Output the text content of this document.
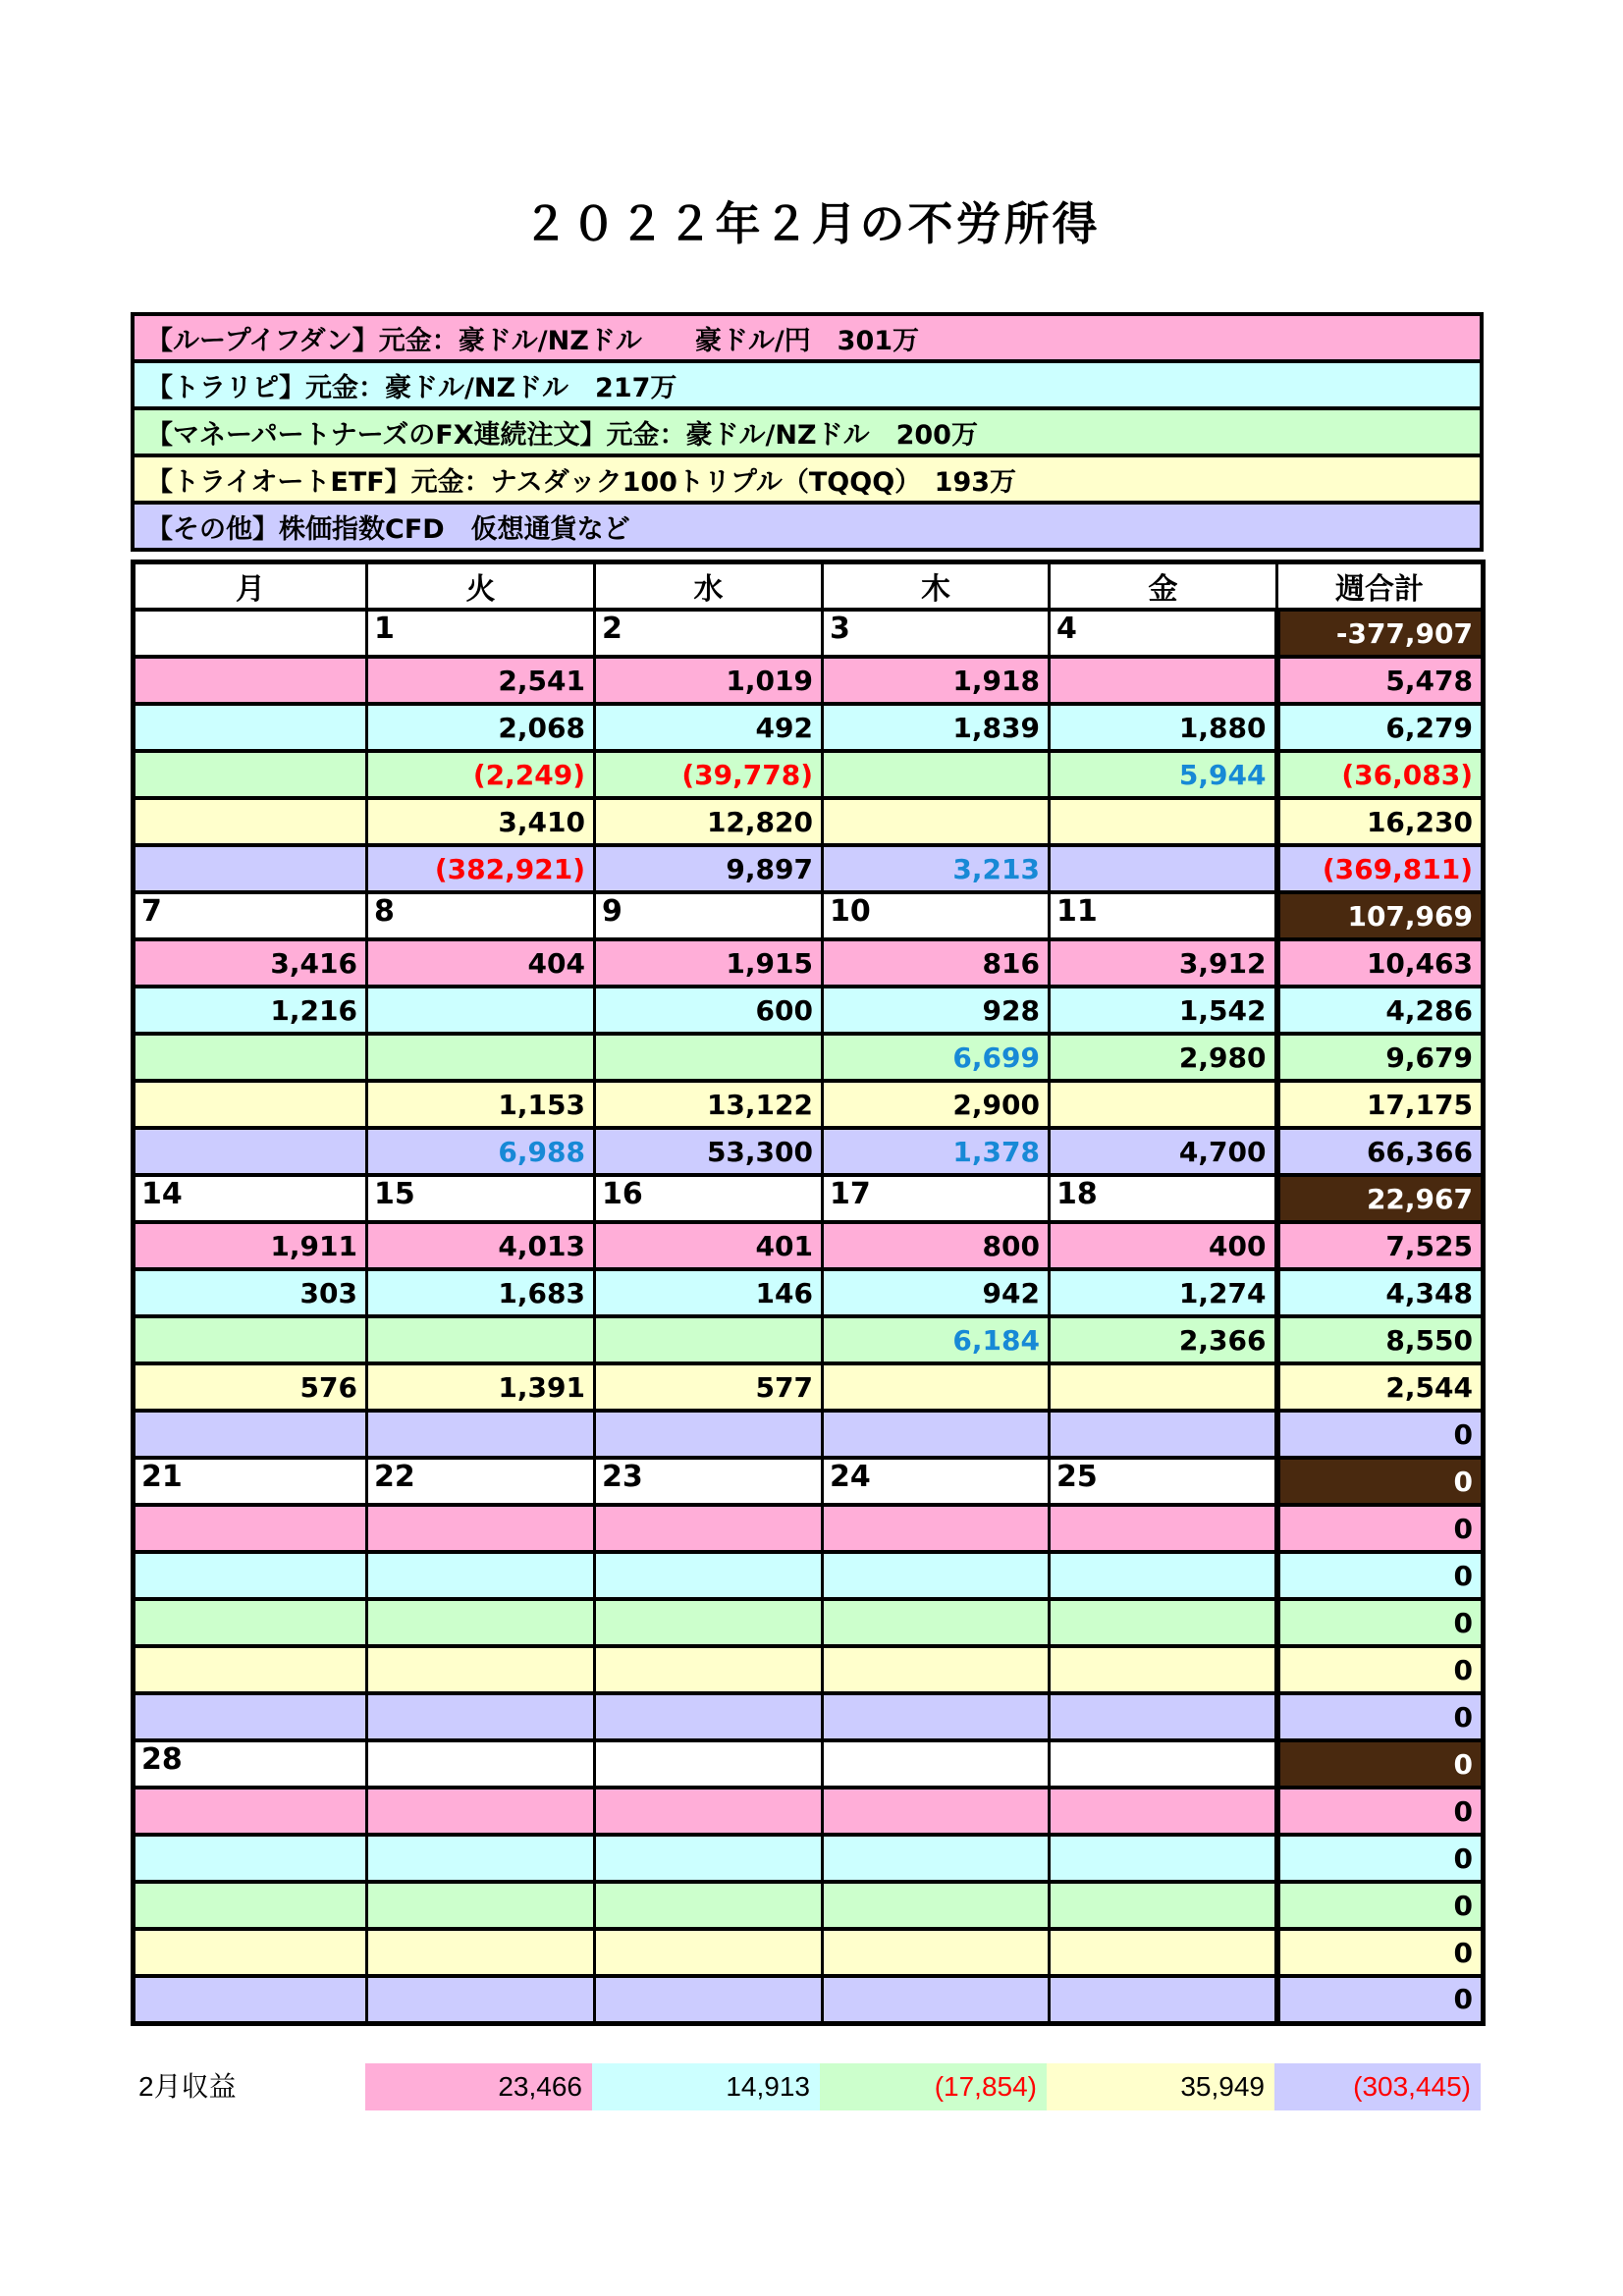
２０２２年２月の不労所得
【ループイフダン】元金：豪ドル/NZドル　　豪ドル/円　301万
【トラリピ】元金：豪ドル/NZドル　217万
【マネーパートナーズのFX連続注文】元金：豪ドル/NZドル　200万
【トライオートETF】元金：ナスダック100トリプル（TQQQ）　193万
【その他】株価指数CFD　仮想通貨など
月	火	水	木	金	週合計
	1	2	3	4	-377,907
	2,541	1,019	1,918		5,478
	2,068	492	1,839	1,880	6,279
	(2,249)	(39,778)		5,944	(36,083)
	3,410	12,820			16,230
	(382,921)	9,897	3,213		(369,811)
7	8	9	10	11	107,969
3,416	404	1,915	816	3,912	10,463
1,216		600	928	1,542	4,286
			6,699	2,980	9,679
	1,153	13,122	2,900		17,175
	6,988	53,300	1,378	4,700	66,366
14	15	16	17	18	22,967
1,911	4,013	401	800	400	7,525
303	1,683	146	942	1,274	4,348
			6,184	2,366	8,550
576	1,391	577			2,544
					0
21	22	23	24	25	0
					0
					0
					0
					0
					0
28					0
					0
					0
					0
					0
					0
2月収益	23,466	14,913	(17,854)	35,949	(303,445)
